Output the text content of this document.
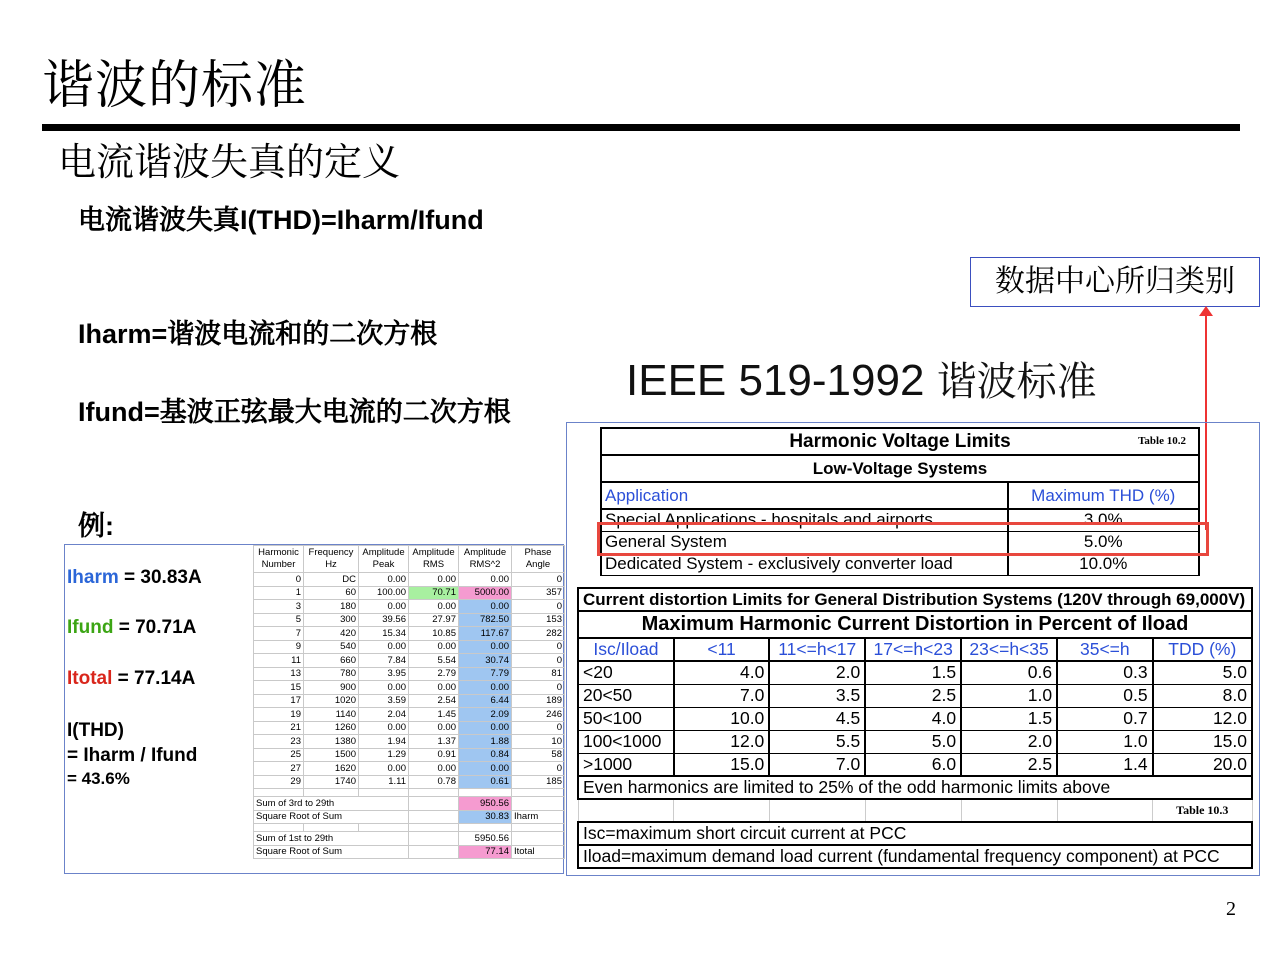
谐波的标准
电流谐波失真的定义
电流谐波失真I(THD)=Iharm/Ifund
Iharm=谐波电流和的二次方根
Ifund=基波正弦最大电流的二次方根
例:
数据中心所归类别
IEEE 519-1992 谐波标准
Iharm = 30.83A
Ifund = 70.71A
Itotal = 77.14A
I(THD)
= Iharm / Ifund
= 43.6%
Harmonic Number	Frequency Hz	Amplitude Peak	Amplitude RMS	Amplitude RMS^2	Phase Angle
0	DC	0.00	0.00	0.00	0
1	60	100.00	70.71	5000.00	357
3	180	0.00	0.00	0.00	0
5	300	39.56	27.97	782.50	153
7	420	15.34	10.85	117.67	282
9	540	0.00	0.00	0.00	0
11	660	7.84	5.54	30.74	0
13	780	3.95	2.79	7.79	81
15	900	0.00	0.00	0.00	0
17	1020	3.59	2.54	6.44	189
19	1140	2.04	1.45	2.09	246
21	1260	0.00	0.00	0.00	0
23	1380	1.94	1.37	1.88	10
25	1500	1.29	0.91	0.84	58
27	1620	0.00	0.00	0.00	0
29	1740	1.11	0.78	0.61	185

Sum of 3rd to 29th				950.56	
Square Root of Sum				30.83	Iharm

Sum of 1st to 29th				5950.56	
Square Root of Sum				77.14	Itotal
Harmonic Voltage Limits Table 10.2	

Low-Voltage Systems	
Application	Maximum THD (%)
Special Applications - hospitals and airports	3.0%
General System	5.0%
Dedicated System - exclusively converter load	10.0%
Current distortion Limits for General Distribution Systems (120V through 69,000V)						
Maximum Harmonic Current Distortion in Percent of Iload						
Isc/Iload	<11	11<=h<17	17<=h<23	23<=h<35	35<=h	TDD (%)
<20	4.0	2.0	1.5	0.6	0.3	5.0
20<50	7.0	3.5	2.5	1.0	0.5	8.0
50<100	10.0	4.5	4.0	1.5	0.7	12.0
100<1000	12.0	5.5	5.0	2.0	1.0	15.0
>1000	15.0	7.0	6.0	2.5	1.4	20.0
Even harmonics are limited to 25% of the odd harmonic limits above						
						Table 10.3
Isc=maximum short circuit current at PCC						
Iload=maximum demand load current (fundamental frequency component) at PCC						
2
